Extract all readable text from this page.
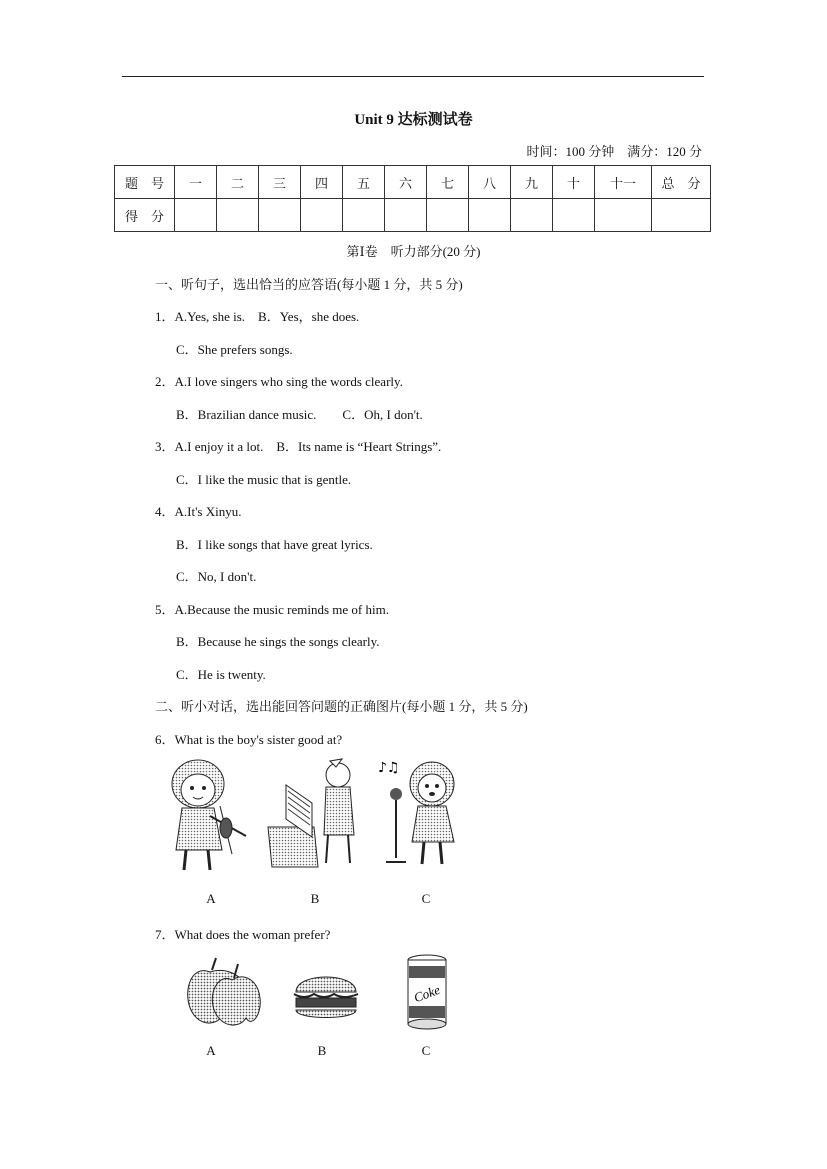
Unit 9 达标测试卷
时间：100 分钟　满分：120 分
题　号	一	二	三	四	五	六	七	八	九	十	十一	总　分
得　分												
第Ⅰ卷　听力部分(20 分)
一、听句子，选出恰当的应答语(每小题 1 分，共 5 分)
1．A.Yes, she is.　B．Yes，she does.
C．She prefers songs.
2．A.I love singers who sing the words clearly.
B．Brazilian dance music.　　C．Oh, I don't.
3．A.I enjoy it a lot.　B．Its name is “Heart Strings”.
C．I like the music that is gentle.
4．A.It's Xinyu.
B．I like songs that have great lyrics.
C．No, I don't.
5．A.Because the music reminds me of him.
B．Because he sings the songs clearly.
C．He is twenty.
二、听小对话，选出能回答问题的正确图片(每小题 1 分，共 5 分)
6．What is the boy's sister good at?
♪♫
A	B	C
7．What does the woman prefer?
Coke
A	B	C
